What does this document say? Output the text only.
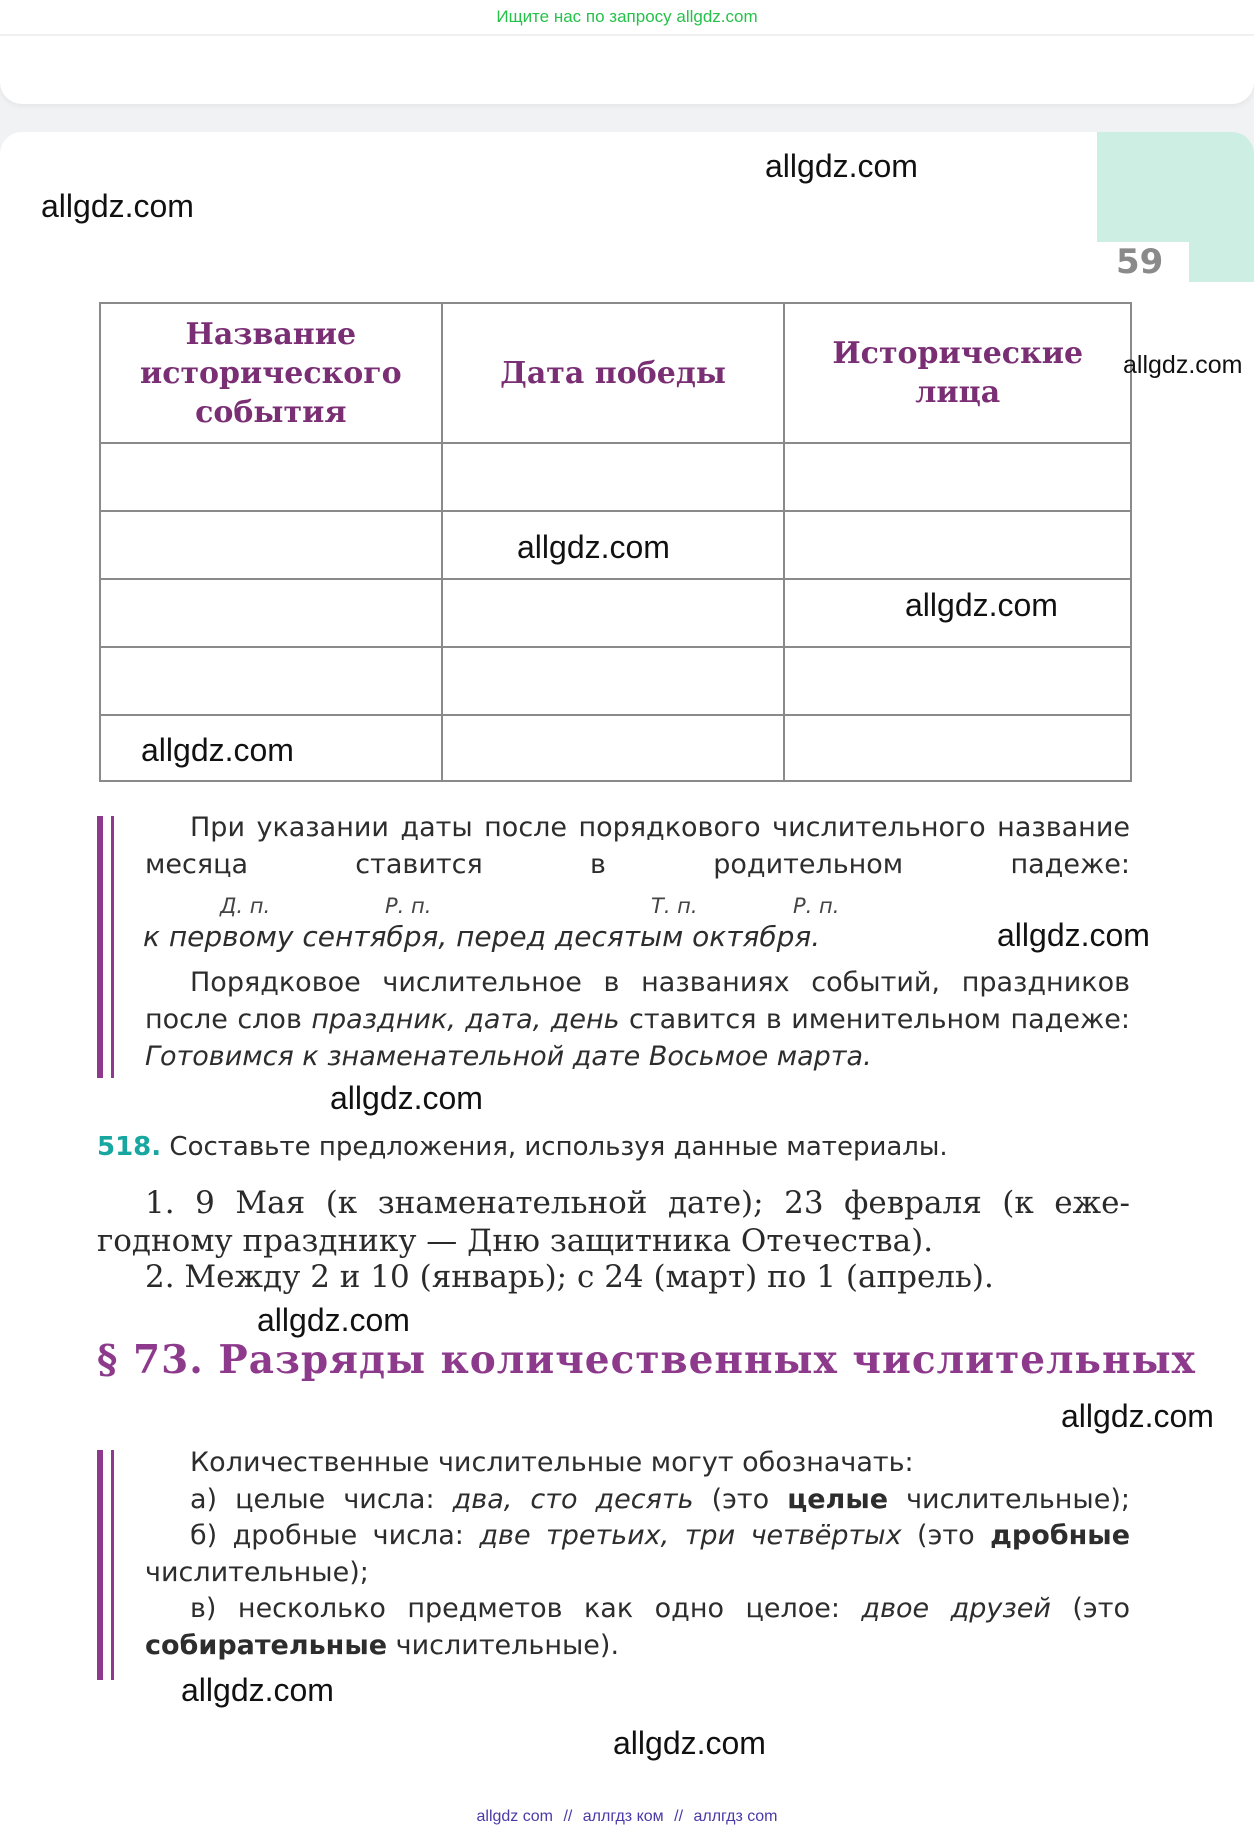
Ищите нас по запросу allgdz.com
59
allgdz.com
allgdz.com
Название исторического события	Дата победы	Исторические лица

allgdz.com
allgdz.com
allgdz.com
allgdz.com
При указании даты после порядкового числительного название месяца ставится в родительном падеже:
Д. п.	Р. п.	Т. п.	Р. п.
к первому сентября, перед десятым октября.	allgdz.com
Порядковое числительное в названиях событий, праздников после слов праздник, дата, день ставится в именительном падеже: Готовимся к знаменательной дате Восьмое марта.
allgdz.com
518. Составьте предложения, используя данные материалы.
1. 9 Мая (к знаменательной дате); 23 февраля (к еже-годному празднику — Дню защитника Отечества).
2. Между 2 и 10 (январь); с 24 (март) по 1 (апрель).
allgdz.com
§ 73. Разряды количественных числительных
allgdz.com
Количественные числительные могут обозначать:
а) целые числа: два, сто десять (это целые числительные);
б) дробные числа: две третьих, три четвёртых (это дробные числительные);
в) несколько предметов как одно целое: двое друзей (это собирательные числительные).
allgdz.com
allgdz.com
allgdz com // аллгдз ком // аллгдз com
